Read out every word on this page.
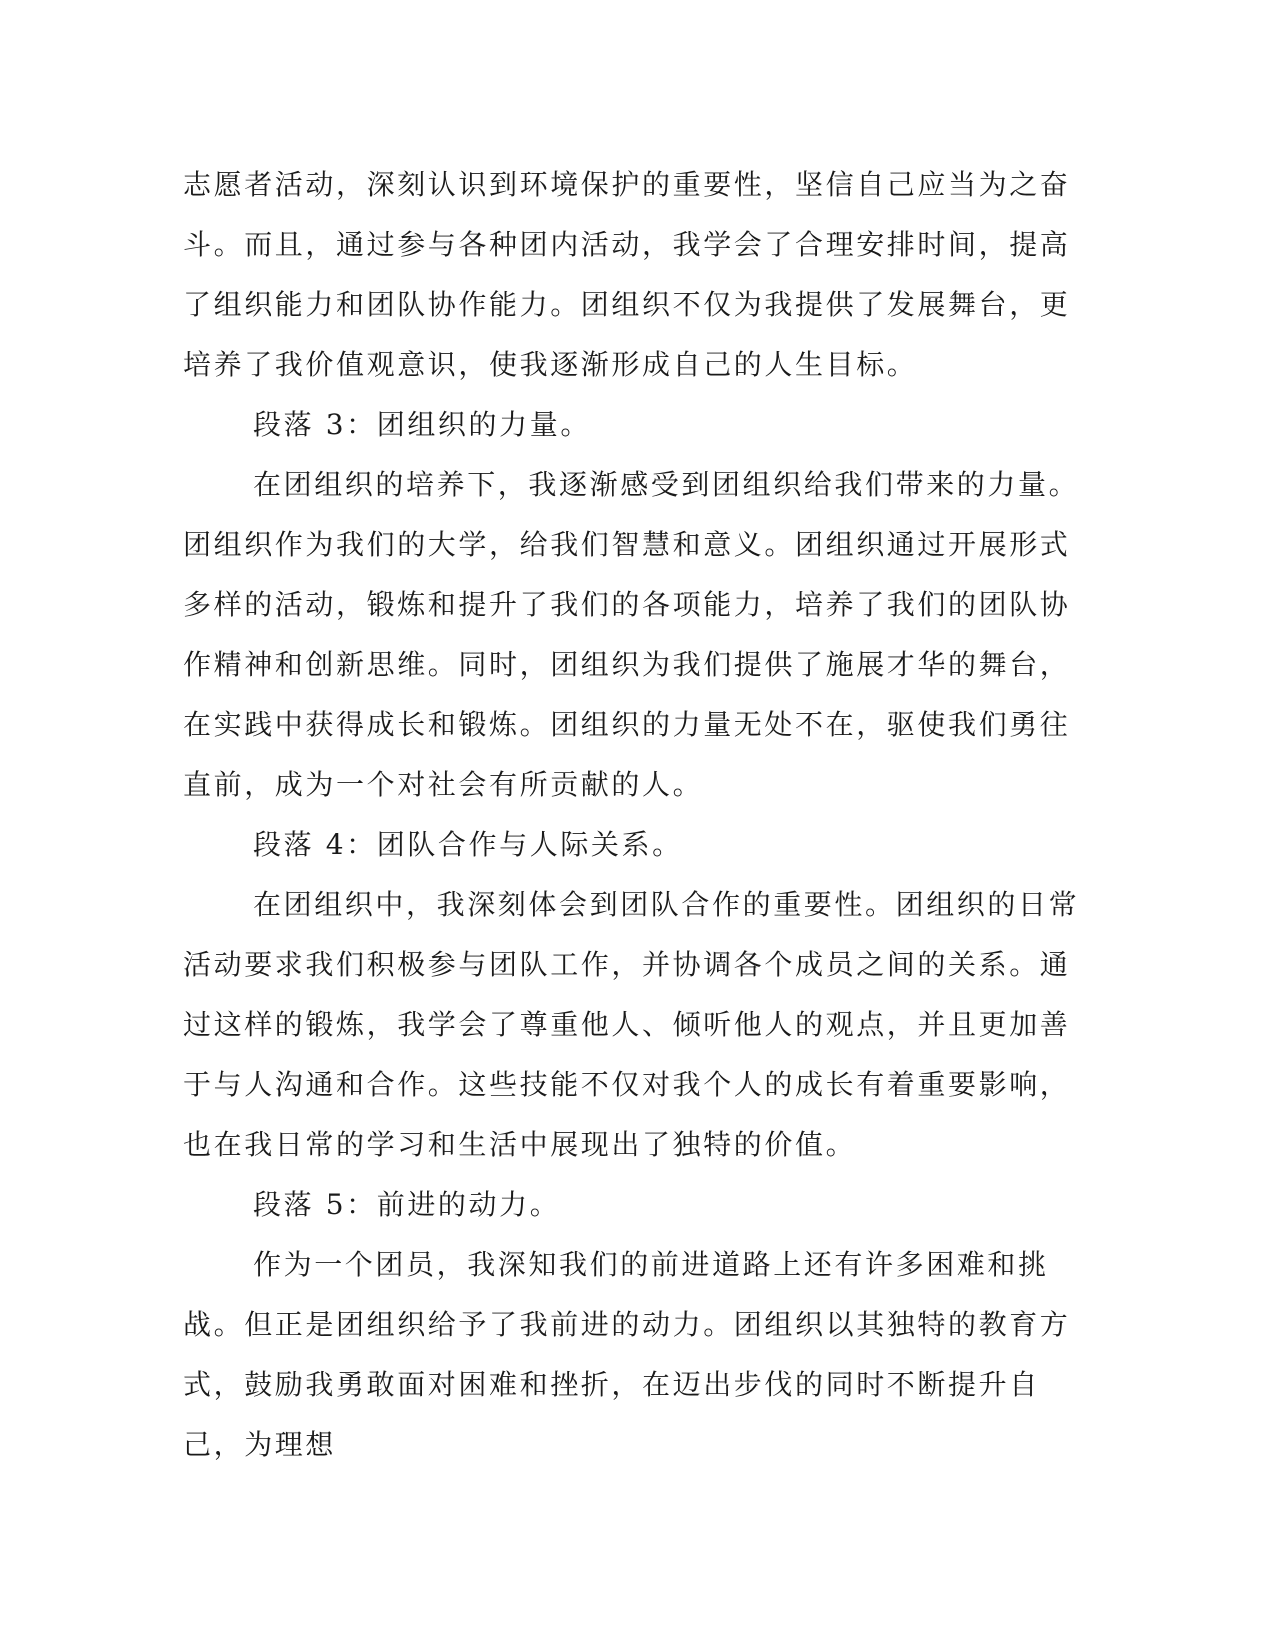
志愿者活动，深刻认识到环境保护的重要性，坚信自己应当为之奋斗。而且，通过参与各种团内活动，我学会了合理安排时间，提高了组织能力和团队协作能力。团组织不仅为我提供了发展舞台，更培养了我价值观意识，使我逐渐形成自己的人生目标。

段落 3：团组织的力量。

在团组织的培养下，我逐渐感受到团组织给我们带来的力量。团组织作为我们的大学，给我们智慧和意义。团组织通过开展形式多样的活动，锻炼和提升了我们的各项能力，培养了我们的团队协作精神和创新思维。同时，团组织为我们提供了施展才华的舞台，在实践中获得成长和锻炼。团组织的力量无处不在，驱使我们勇往直前，成为一个对社会有所贡献的人。

段落 4：团队合作与人际关系。

在团组织中，我深刻体会到团队合作的重要性。团组织的日常活动要求我们积极参与团队工作，并协调各个成员之间的关系。通过这样的锻炼，我学会了尊重他人、倾听他人的观点，并且更加善于与人沟通和合作。这些技能不仅对我个人的成长有着重要影响，也在我日常的学习和生活中展现出了独特的价值。

段落 5：前进的动力。

作为一个团员，我深知我们的前进道路上还有许多困难和挑战。但正是团组织给予了我前进的动力。团组织以其独特的教育方式，鼓励我勇敢面对困难和挫折，在迈出步伐的同时不断提升自己，为理想
